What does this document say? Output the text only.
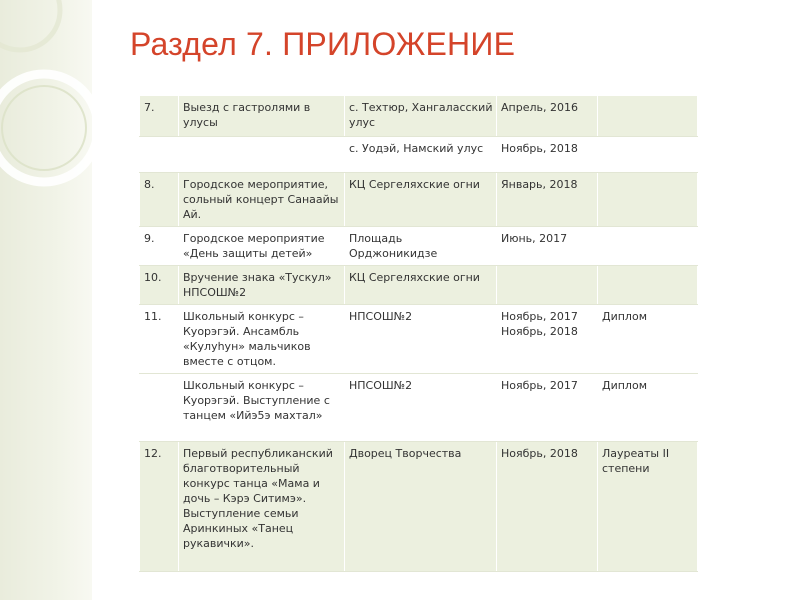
Раздел 7. ПРИЛОЖЕНИЕ
7.	Выезд с гастролями в улусы	с. Техтюр, Хангаласский улус	Апрель, 2016	
		с. Уодэй, Намский улус	Ноябрь, 2018	
8.	Городское мероприятие, сольный концерт Санаайы Ай.	КЦ Сергеляхские огни	Январь, 2018	
9.	Городское мероприятие «День защиты детей»	Площадь Орджоникидзе	Июнь, 2017	
10.	Вручение знака «Тускул» НПСОШ№2	КЦ Сергеляхские огни		
11.	Школьный конкурс – Куорэгэй. Ансамбль «Кулуһун» мальчиков вместе с отцом.	НПСОШ№2	Ноябрь, 2017 Ноябрь, 2018	Диплом
	Школьный конкурс – Куорэгэй. Выступление с танцем «Ийэ5э махтал»	НПСОШ№2	Ноябрь, 2017	Диплом
12.	Первый республиканский благотворительный конкурс танца «Мама и дочь – Кэрэ Ситимэ». Выступление семьи Аринкиных «Танец рукавички».	Дворец Творчества	Ноябрь, 2018	Лауреаты II степени
